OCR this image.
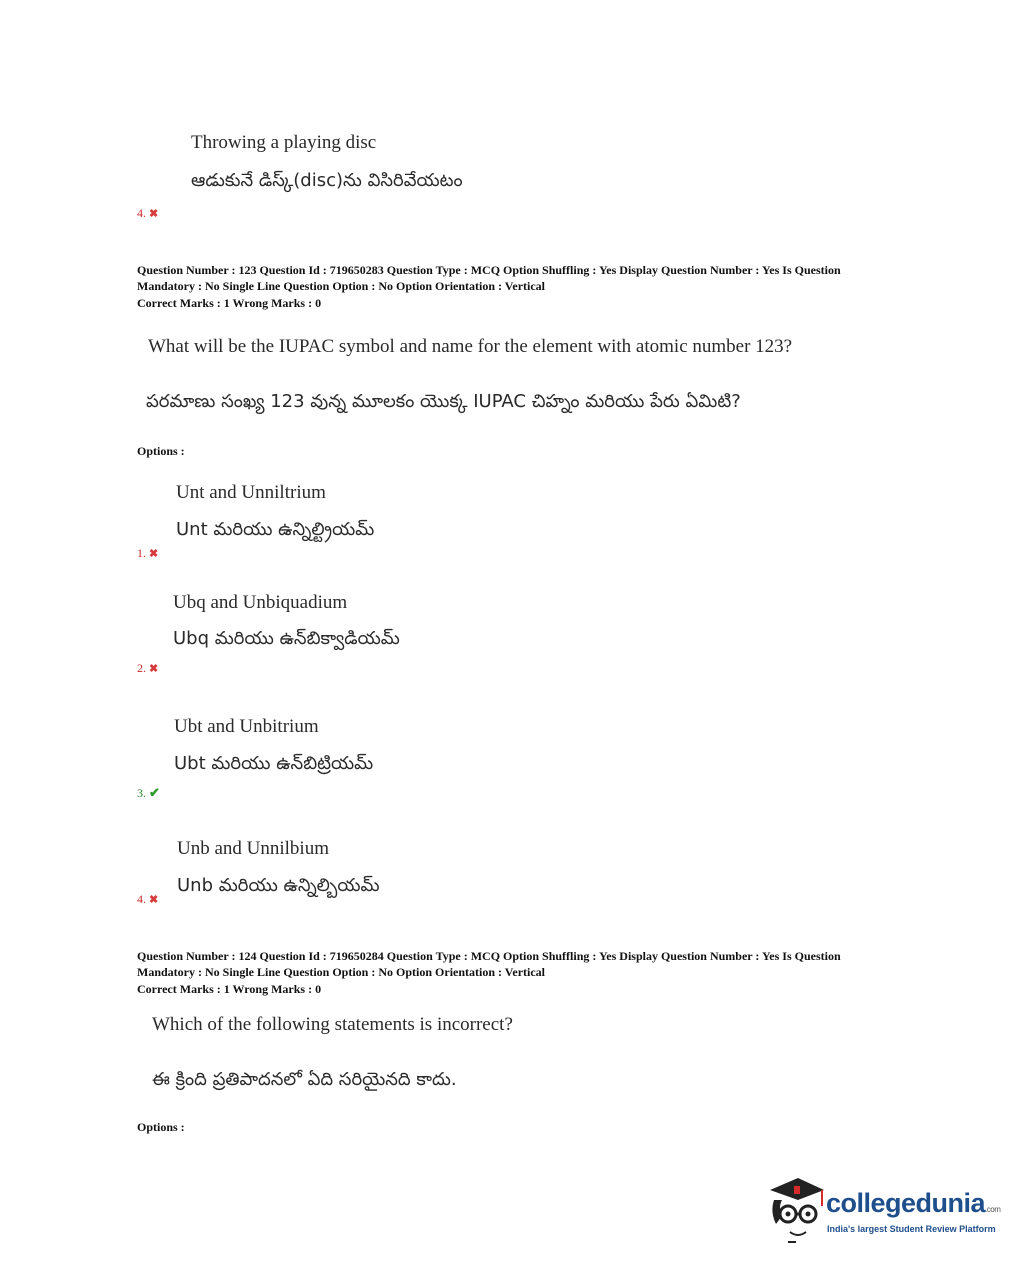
Throwing a playing disc
ఆడుకునే డిస్క్(disc)ను విసిరివేయటం
4. ✖
Question Number : 123 Question Id : 719650283 Question Type : MCQ Option Shuffling : Yes Display Question Number : Yes Is Question
Mandatory : No Single Line Question Option : No Option Orientation : Vertical
Correct Marks : 1 Wrong Marks : 0
What will be the IUPAC symbol and name for the element with atomic number 123?
పరమాణు సంఖ్య 123 వున్న మూలకం యొక్క IUPAC చిహ్నం మరియు పేరు ఏమిటి?
Options :
Unt and Unniltrium
Unt మరియు ఉన్నిల్ట్రియమ్
1. ✖
Ubq and Unbiquadium
Ubq మరియు ఉన్‌బిక్వాడియమ్
2. ✖
Ubt and Unbitrium
Ubt మరియు ఉన్‌బిట్రియమ్
3. ✔
Unb and Unnilbium
Unb మరియు ఉన్నిల్బియమ్
4. ✖
Question Number : 124 Question Id : 719650284 Question Type : MCQ Option Shuffling : Yes Display Question Number : Yes Is Question
Mandatory : No Single Line Question Option : No Option Orientation : Vertical
Correct Marks : 1 Wrong Marks : 0
Which of the following statements is incorrect?
ఈ క్రింది ప్రతిపాదనలో ఏది సరియైనది కాదు.
Options :
collegedunia.com
India's largest Student Review Platform
